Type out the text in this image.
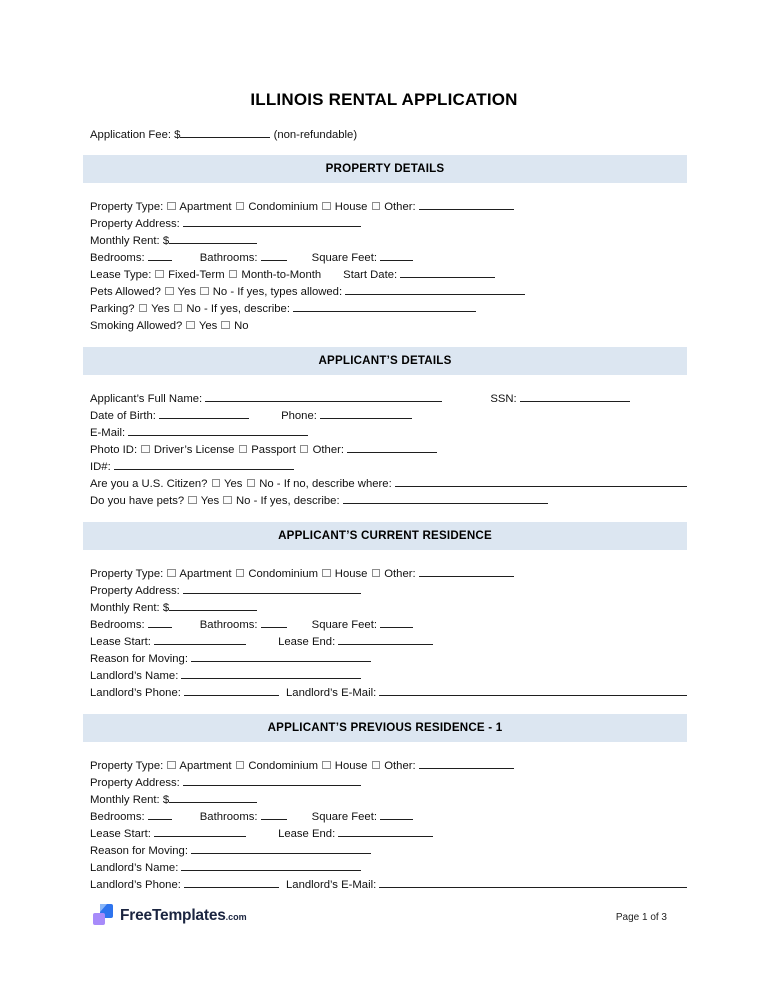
ILLINOIS RENTAL APPLICATION
Application Fee: $	(non-refundable)
PROPERTY DETAILS
Property Type: Apartment Condominium House Other:
Property Address:
Monthly Rent: $
Bedrooms:	Bathrooms:	Square Feet:
Lease Type: Fixed-Term Month-to-Month Start Date:
Pets Allowed? Yes No - If yes, types allowed:
Parking? Yes No - If yes, describe:
Smoking Allowed? Yes No
APPLICANT’S DETAILS
Applicant’s Full Name:	SSN:
Date of Birth:	Phone:
E-Mail:
Photo ID: Driver’s License Passport Other:
ID#:
Are you a U.S. Citizen? Yes No - If no, describe where:
Do you have pets? Yes No - If yes, describe:
APPLICANT’S CURRENT RESIDENCE
Property Type: Apartment Condominium House Other:
Property Address:
Monthly Rent: $
Bedrooms:	Bathrooms:	Square Feet:
Lease Start:	Lease End:
Reason for Moving:
Landlord’s Name:
Landlord’s Phone:	Landlord’s E-Mail:
APPLICANT’S PREVIOUS RESIDENCE - 1
Property Type: Apartment Condominium House Other:
Property Address:
Monthly Rent: $
Bedrooms:	Bathrooms:	Square Feet:
Lease Start:	Lease End:
Reason for Moving:
Landlord’s Name:
Landlord’s Phone:	Landlord’s E-Mail:
FreeTemplates .com	Page 1 of 3
